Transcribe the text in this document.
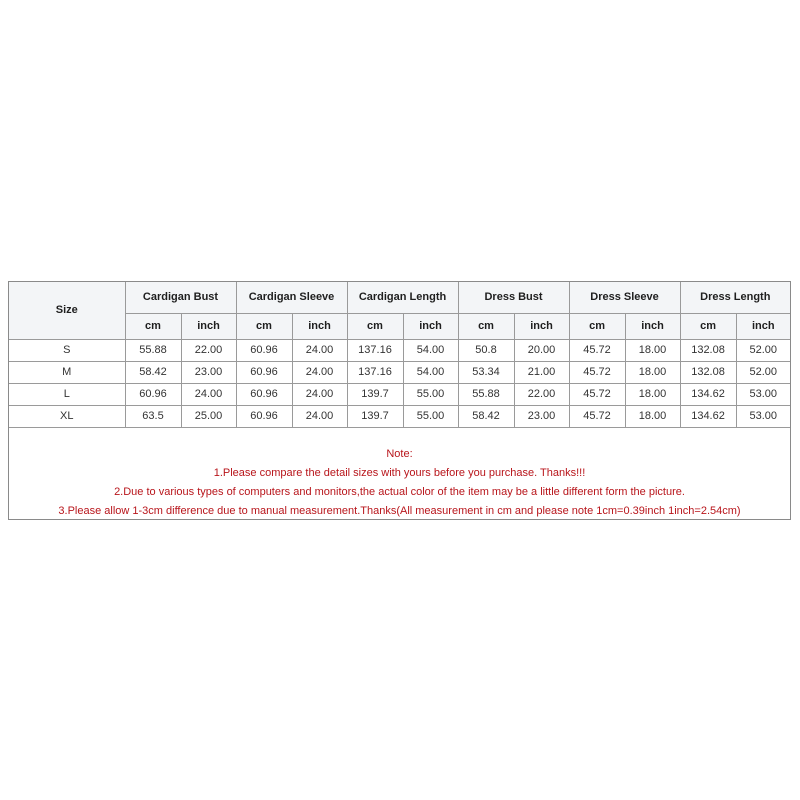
Size	Cardigan Bust		Cardigan Sleeve		Cardigan Length		Dress Bust		Dress Sleeve		Dress Length	
	cm	inch	cm	inch	cm	inch	cm	inch	cm	inch	cm	inch
S	55.88	22.00	60.96	24.00	137.16	54.00	50.8	20.00	45.72	18.00	132.08	52.00
M	58.42	23.00	60.96	24.00	137.16	54.00	53.34	21.00	45.72	18.00	132.08	52.00
L	60.96	24.00	60.96	24.00	139.7	55.00	55.88	22.00	45.72	18.00	134.62	53.00
XL	63.5	25.00	60.96	24.00	139.7	55.00	58.42	23.00	45.72	18.00	134.62	53.00
Note:
1.Please compare the detail sizes with yours before you purchase. Thanks!!!
2.Due to various types of computers and monitors,the actual color of the item may be a little different form the picture.
3.Please allow 1-3cm difference due to manual measurement.Thanks(All measurement in cm and please note 1cm=0.39inch 1inch=2.54cm)
